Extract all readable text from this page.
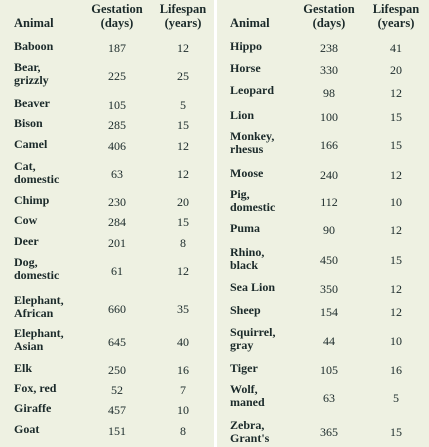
Animal
Gestation
(days)
Lifespan
(years)
Baboon	187	12
Bear,
grizzly	225	25
Beaver	105	5
Bison	285	15
Camel	406	12
Cat,
domestic	63	12
Chimp	230	20
Cow	284	15
Deer	201	8
Dog,
domestic	61	12
Elephant,
African	660	35
Elephant,
Asian	645	40
Elk	250	16
Fox, red	52	7
Giraffe	457	10
Goat	151	8
Animal
Gestation
(days)
Lifespan
(years)
Hippo	238	41
Horse	330	20
Leopard	98	12
Lion	100	15
Monkey,
rhesus	166	15
Moose	240	12
Pig,
domestic	112	10
Puma	90	12
Rhino,
black	450	15
Sea Lion	350	12
Sheep	154	12
Squirrel,
gray	44	10
Tiger	105	16
Wolf,
maned	63	5
Zebra,
Grant's	365	15
